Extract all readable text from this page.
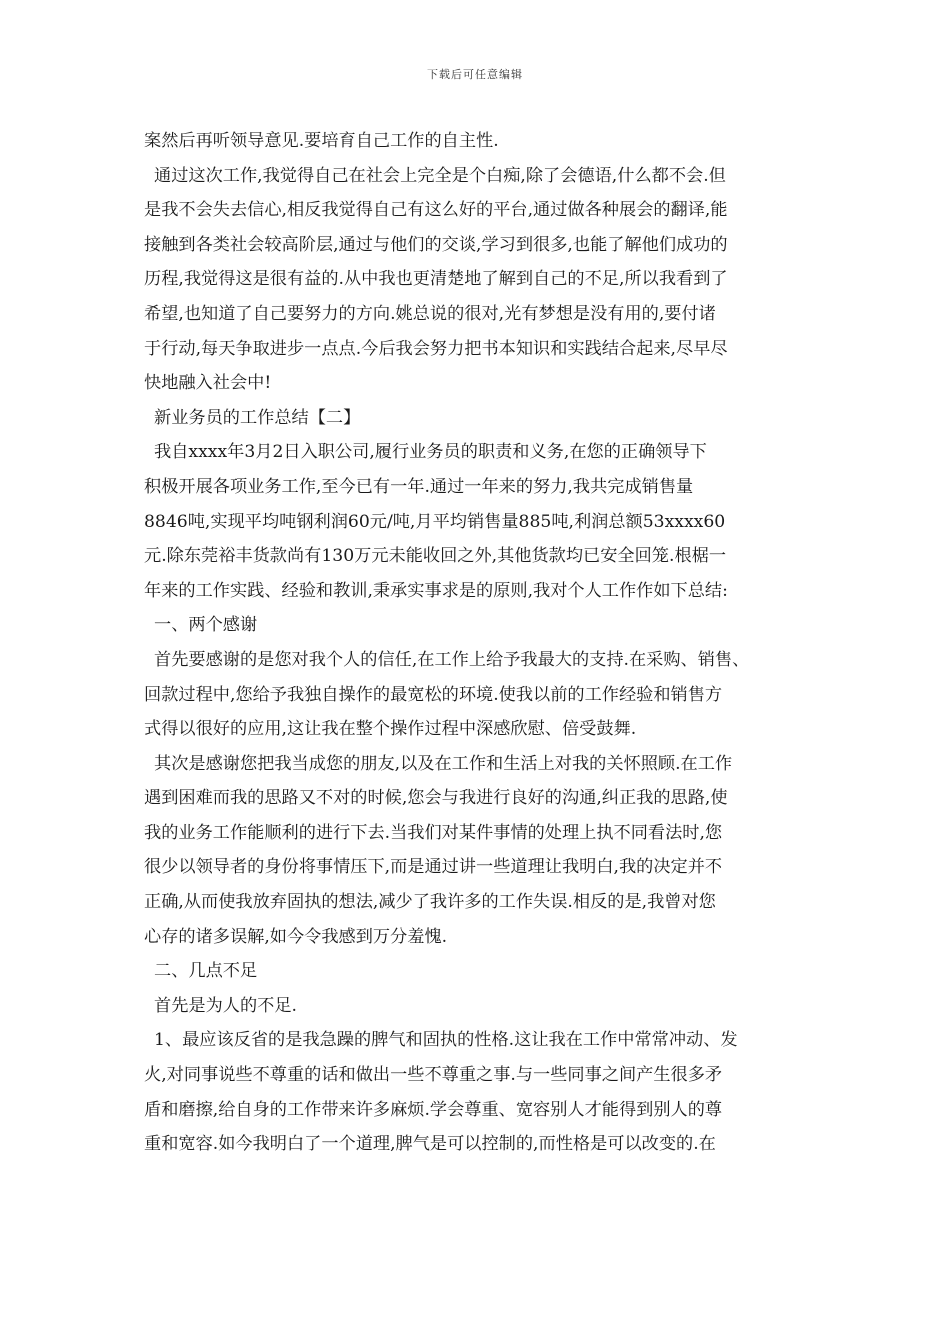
下载后可任意编辑
案然后再听领导意见.要培育自己工作的自主性.
通过这次工作,我觉得自己在社会上完全是个白痴,除了会德语,什么都不会.但
是我不会失去信心,相反我觉得自己有这么好的平台,通过做各种展会的翻译,能
接触到各类社会较高阶层,通过与他们的交谈,学习到很多,也能了解他们成功的
历程,我觉得这是很有益的.从中我也更清楚地了解到自己的不足,所以我看到了
希望,也知道了自己要努力的方向.姚总说的很对,光有梦想是没有用的,要付诸
于行动,每天争取进步一点点.今后我会努力把书本知识和实践结合起来,尽早尽
快地融入社会中!
新业务员的工作总结【二】
我自xxxx年3月2日入职公司,履行业务员的职责和义务,在您的正确领导下
积极开展各项业务工作,至今已有一年.通过一年来的努力,我共完成销售量
8846吨,实现平均吨钢利润60元/吨,月平均销售量885吨,利润总额53xxxx60
元.除东莞裕丰货款尚有130万元未能收回之外,其他货款均已安全回笼.根椐一
年来的工作实践、经验和教训,秉承实事求是的原则,我对个人工作作如下总结:
一、两个感谢
首先要感谢的是您对我个人的信任,在工作上给予我最大的支持.在采购、销售、
回款过程中,您给予我独自操作的最宽松的环境.使我以前的工作经验和销售方
式得以很好的应用,这让我在整个操作过程中深感欣慰、倍受鼓舞.
其次是感谢您把我当成您的朋友,以及在工作和生活上对我的关怀照顾.在工作
遇到困难而我的思路又不对的时候,您会与我进行良好的沟通,纠正我的思路,使
我的业务工作能顺利的进行下去.当我们对某件事情的处理上执不同看法时,您
很少以领导者的身份将事情压下,而是通过讲一些道理让我明白,我的决定并不
正确,从而使我放弃固执的想法,减少了我许多的工作失误.相反的是,我曾对您
心存的诸多误解,如今令我感到万分羞愧.
二、几点不足
首先是为人的不足.
1、最应该反省的是我急躁的脾气和固执的性格.这让我在工作中常常冲动、发
火,对同事说些不尊重的话和做出一些不尊重之事.与一些同事之间产生很多矛
盾和磨擦,给自身的工作带来许多麻烦.学会尊重、宽容别人才能得到别人的尊
重和宽容.如今我明白了一个道理,脾气是可以控制的,而性格是可以改变的.在
